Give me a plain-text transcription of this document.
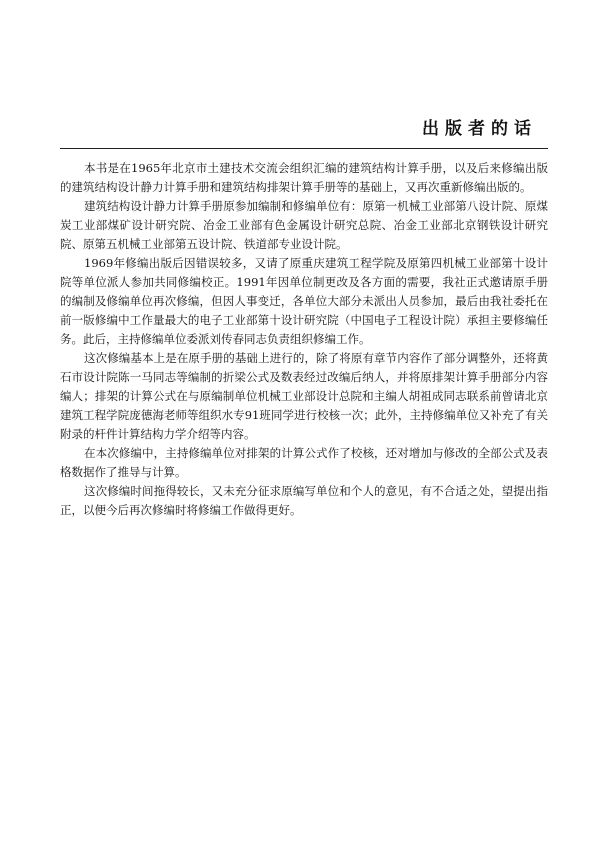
出版者的话

本书是在1965年北京市土建技术交流会组织汇编的建筑结构计算手册，以及后来修编出版的建筑结构设计静力计算手册和建筑结构排架计算手册等的基础上，又再次重新修编出版的。

建筑结构设计静力计算手册原参加编制和修编单位有：原第一机械工业部第八设计院、原煤炭工业部煤矿设计研究院、冶金工业部有色金属设计研究总院、冶金工业部北京钢铁设计研究院、原第五机械工业部第五设计院、铁道部专业设计院。

1969年修编出版后因错误较多，又请了原重庆建筑工程学院及原第四机械工业部第十设计院等单位派人参加共同修编校正。1991年因单位制更改及各方面的需要，我社正式邀请原手册的编制及修编单位再次修编，但因人事变迁，各单位大部分未派出人员参加，最后由我社委托在前一版修编中工作量最大的电子工业部第十设计研究院（中国电子工程设计院）承担主要修编任务。此后，主持修编单位委派刘传春同志负责组织修编工作。

这次修编基本上是在原手册的基础上进行的，除了将原有章节内容作了部分调整外，还将黄石市设计院陈一马同志等编制的折梁公式及数表经过改编后纳人，并将原排架计算手册部分内容编人；排架的计算公式在与原编制单位机械工业部设计总院和主编人胡祖成同志联系前曾请北京建筑工程学院庞德海老师等组织水专91班同学进行校核一次；此外，主持修编单位又补充了有关附录的杆件计算结构力学介绍等内容。

在本次修编中，主持修编单位对排架的计算公式作了校核，还对增加与修改的全部公式及表格数据作了推导与计算。

这次修编时间拖得较长，又未充分征求原编写单位和个人的意见，有不合适之处，望提出指正，以便今后再次修编时将修编工作做得更好。
